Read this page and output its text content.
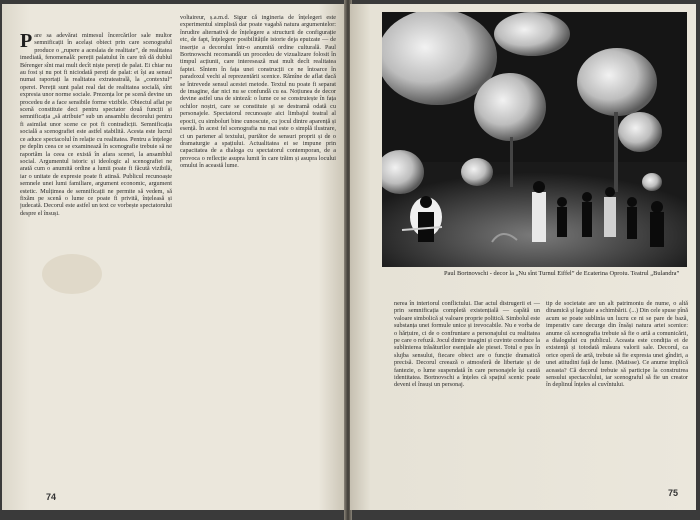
P are sa adevărat mimesul încercărilor sale multor semnificații în același obiect prin care scenograful produce o „rupere a aceslaia de realitate”, de realitatea imediată, fenomenală: pereții palatului în care tră dă dublul Bérenger sînt mai mult decît niște pereți de palat. Ei chiar nu au fost și nu pot fi niciodată pereți de palat: ei își au sensul numai raportați la realitatea extrateatrală, la „contextul” operei. Pereții sunt palat real dat de realitatea socială, sînt expresia unor norme sociale. Prezența lor pe scenă devine un procedeu de a face sensibile forme vizibile. Obiectul aflat pe scenă constituie deci pentru spectator două funcții și semnificația „să atribuie” sub un ansamblu decorului pentru fi asimilat unor scene ce pot fi contradicții. Semnificația socială a scenografiei este astfel stabilită. Acesta este lucrul ce aduce spectacolul în relație cu realitatea. Pentru a înțelege pe deplin ceea ce se examinează în scenografie trebuie să ne raportăm la ceea ce există în afara scenei, la ansamblul social. Argumentul istoric și ideologic al scenografiei ne arată cum o anumită ordine a lumii poate fi făcută vizibilă, iar o unitate de expresie poate fi atinsă. Publicul recunoaște semnele unei lumi familiare, argument economic, argument estetic. Mulțimea de semnificații ne permite să vedem, să fixăm pe scenă o lume ce poate fi privită, înțeleasă și judecată. Decorul este astfel un text ce vorbește spectatorului despre el însuși.
voltaireur, ș.a.m.d. Sigur că ingineria de înțelegeri este experimentul simplistă dar poate vagabă natura argumentelor: înrudire alternativă de înțelegere a structurii de configurație etc, de fapt, înțelegere posibilitățile istorie deja epuizate — de inserție a decorului într-o anumită ordine culturală. Paul Bortnowschi recomandă un procedeu de vizualizare folosit în timpul acțiunii, care interesează mai mult decît realitatea faptei. Sîntem în fața unei construcții ce ne întoarce în paradoxul vechi al reprezentării scenice. Rămîne de aflat dacă se întrevede sensul acestei metode. Textul nu poate fi separat de imagine, dar nici nu se confundă cu ea. Noțiunea de decor devine astfel una de sinteză: o lume ce se construiește în fața ochilor noștri, care se constituie și se destramă odată cu personajele. Spectatorul recunoaște aici limbajul teatral al epocii, cu simboluri bine cunoscute, cu jocul dintre aparență și esență. În acest fel scenografia nu mai este o simplă ilustrare, ci un partener al textului, purtător de sensuri proprii și de o dramaturgie a spațiului. Actualitatea ei se impune prin capacitatea de a dialoga cu spectatorul contemporan, de a provoca o reflecție asupra lumii în care trăim și asupra locului omului în această lume.
74
Paul Bortnovschi - decor la „Nu sînt Turnul Eiffel” de Ecaterina Oproiu. Teatrul „Bulandra”
nerea în interiorul conflictului. Dar actul distrugerii ei — prin semnificația completă existențială — capătă un valoare simbolică și valoare proprie politică. Simbolul este substanța unei formule unice și irevocabile. Nu e vorba de o hărțuire, ci de o confruntare a personajului cu realitatea pe care o refuză. Jocul dintre imagini și cuvinte conduce la sublinierea trăsăturilor esențiale ale piesei. Totul e pus în slujba sensului, fiecare obiect are o funcție dramatică precisă. Decorul creează o atmosferă de libertate și de fantezie, o lume suspendată în care personajele își caută identitatea. Bortnovschi a înțeles că spațiul scenic poate deveni el însuși un personaj.
tip de societate are un alt patrimoniu de nume, o altă dinamică și legitate a schimbării. (...) Din cele spuse pînă acum se poate sublinia un lucru ce ni se pare de bază, imperativ care decurge din însăși natura artei scenice: anume că scenografia trebuie să fie o artă a comunicării, a dialogului cu publicul. Aceasta este condiția ei de existență și totodată măsura valorii sale. Decorul, ca orice operă de artă, trebuie să fie expresia unei gîndiri, a unei atitudini față de lume. (Matisse). Ce anume implică aceasta? Că decorul trebuie să participe la construirea sensului spectacolului, iar scenograful să fie un creator în deplinul înțeles al cuvîntului.
75
